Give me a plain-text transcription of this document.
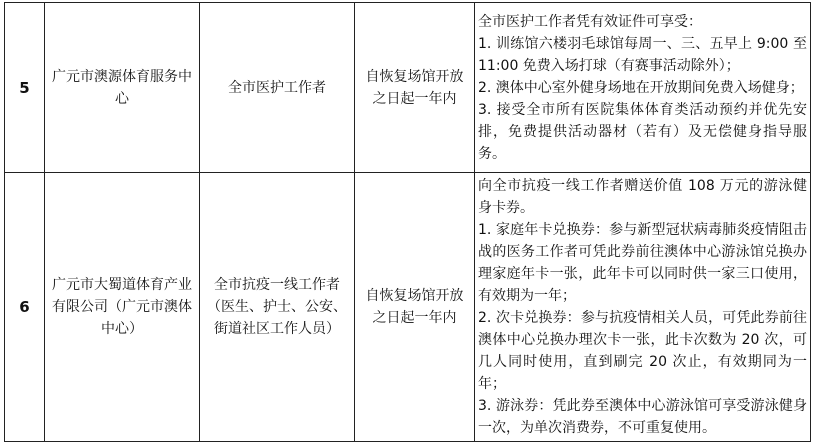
5	广元市澳源体育服务中心	全市医护工作者	自恢复场馆开放之日起一年内	全市医护工作者凭有效证件可享受：
1. 训练馆六楼羽毛球馆每周一、三、五早上 9:00 至 11:00 免费入场打球（有赛事活动除外）；
2. 澳体中心室外健身场地在开放期间免费入场健身；
3. 接受全市所有医院集体体育类活动预约并优先安排，免费提供活动器材（若有）及无偿健身指导服务。

6	广元市大蜀道体育产业有限公司（广元市澳体中心）	全市抗疫一线工作者（医生、护士、公安、街道社区工作人员）	自恢复场馆开放之日起一年内	向全市抗疫一线工作者赠送价值 108 万元的游泳健身卡券。
1. 家庭年卡兑换券：参与新型冠状病毒肺炎疫情阻击战的医务工作者可凭此券前往澳体中心游泳馆兑换办理家庭年卡一张，此年卡可以同时供一家三口使用，有效期为一年；
2. 次卡兑换券：参与抗疫情相关人员，可凭此券前往澳体中心兑换办理次卡一张，此卡次数为 20 次，可几人同时使用，直到刷完 20 次止，有效期同为一年；
3. 游泳券：凭此券至澳体中心游泳馆可享受游泳健身一次，为单次消费券，不可重复使用。
